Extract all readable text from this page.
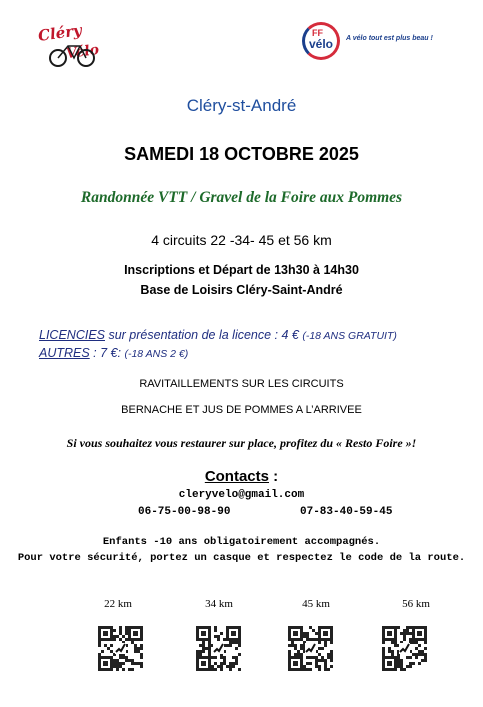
Cléry
Vélo
FF
vélo A vélo tout est plus beau !
Cléry-st-André
SAMEDI 18 OCTOBRE 2025
Randonnée VTT / Gravel de la Foire aux Pommes
4 circuits 22 -34- 45 et 56 km
Inscriptions et Départ de 13h30 à 14h30
Base de Loisirs Cléry-Saint-André
LICENCIES sur présentation de la licence : 4 € (-18 ANS GRATUIT)
AUTRES : 7 €: (-18 ANS 2 €)
RAVITAILLEMENTS SUR LES CIRCUITS
BERNACHE ET JUS DE POMMES A L’ARRIVEE
Si vous souhaitez vous restaurer sur place, profitez du « Resto Foire »!
Contacts :
cleryvelo@gmail.com
06-75-00-98-90	07-83-40-59-45
Enfants -10 ans obligatoirement accompagnés.
Pour votre sécurité, portez un casque et respectez le code de la route.
22 km	34 km	45 km	56 km
